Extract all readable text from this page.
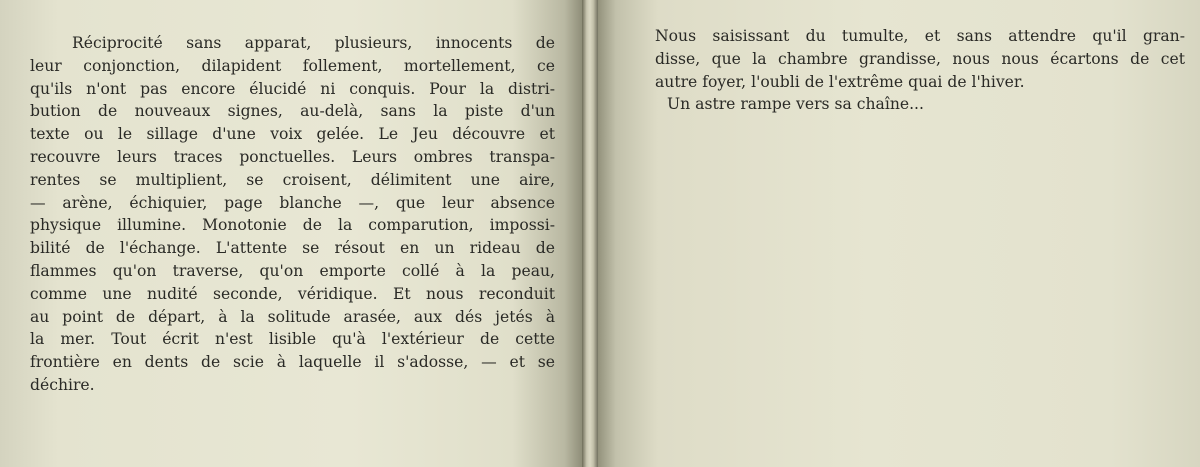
Réciprocité sans apparat, plusieurs, innocents de
leur conjonction, dilapident follement, mortellement, ce
qu'ils n'ont pas encore élucidé ni conquis. Pour la distri-
bution de nouveaux signes, au-delà, sans la piste d'un
texte ou le sillage d'une voix gelée. Le Jeu découvre et
recouvre leurs traces ponctuelles. Leurs ombres transpa-
rentes se multiplient, se croisent, délimitent une aire,
— arène, échiquier, page blanche —, que leur absence
physique illumine. Monotonie de la comparution, impossi-
bilité de l'échange. L'attente se résout en un rideau de
flammes qu'on traverse, qu'on emporte collé à la peau,
comme une nudité seconde, véridique. Et nous reconduit
au point de départ, à la solitude arasée, aux dés jetés à
la mer. Tout écrit n'est lisible qu'à l'extérieur de cette
frontière en dents de scie à laquelle il s'adosse, — et se
déchire.
Nous saisissant du tumulte, et sans attendre qu'il gran-
disse, que la chambre grandisse, nous nous écartons de cet
autre foyer, l'oubli de l'extrême quai de l'hiver.
Un astre rampe vers sa chaîne...
